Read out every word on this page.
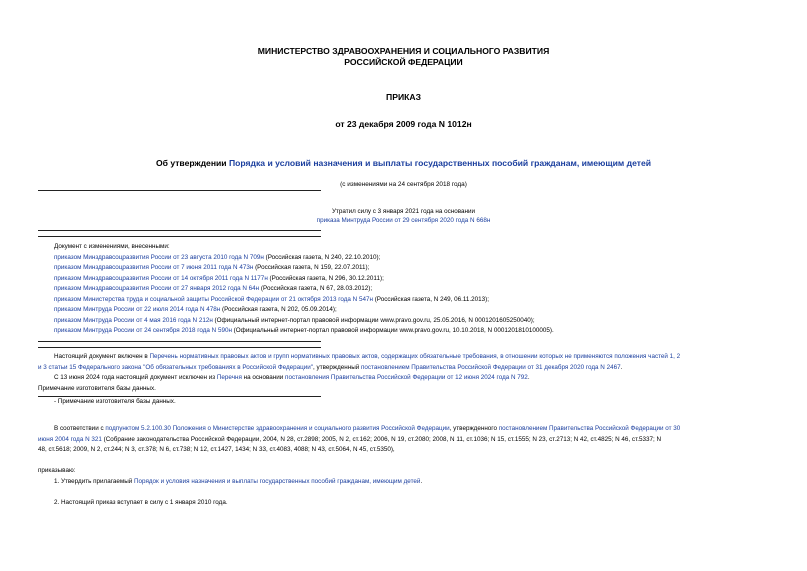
МИНИСТЕРСТВО ЗДРАВООХРАНЕНИЯ И СОЦИАЛЬНОГО РАЗВИТИЯ
РОССИЙСКОЙ ФЕДЕРАЦИИ
ПРИКАЗ
от 23 декабря 2009 года N 1012н
Об утверждении Порядка и условий назначения и выплаты государственных пособий гражданам, имеющим детей
(с изменениями на 24 сентября 2018 года)
Утратил силу с 3 января 2021 года на основании
приказа Минтруда России от 29 сентября 2020 года N 668н
Документ с изменениями, внесенными:
приказом Минздравсоцразвития России от 23 августа 2010 года N 709н (Российская газета, N 240, 22.10.2010);
приказом Минздравсоцразвития России от 7 июня 2011 года N 473н (Российская газета, N 159, 22.07.2011);
приказом Минздравсоцразвития России от 14 октября 2011 года N 1177н (Российская газета, N 296, 30.12.2011);
приказом Минздравсоцразвития России от 27 января 2012 года N 64н (Российская газета, N 67, 28.03.2012);
приказом Министерства труда и социальной защиты Российской Федерации от 21 октября 2013 года N 547н (Российская газета, N 249, 06.11.2013);
приказом Минтруда России от 22 июля 2014 года N 478н (Российская газета, N 202, 05.09.2014);
приказом Минтруда России от 4 мая 2016 года N 212н (Официальный интернет-портал правовой информации www.pravo.gov.ru, 25.05.2016, N 0001201605250040);
приказом Минтруда России от 24 сентября 2018 года N 590н (Официальный интернет-портал правовой информации www.pravo.gov.ru, 10.10.2018, N 0001201810100005).
Настоящий документ включен в Перечень нормативных правовых актов и групп нормативных правовых актов, содержащих обязательные требования, в отношении которых не применяются положения частей 1, 2
и 3 статьи 15 Федерального закона "Об обязательных требованиях в Российской Федерации", утвержденный постановлением Правительства Российской Федерации от 31 декабря 2020 года N 2467.
С 13 июня 2024 года настоящий документ исключен из Перечня на основании постановления Правительства Российской Федерации от 12 июня 2024 года N 792.
Примечание изготовителя базы данных.
- Примечание изготовителя базы данных.
В соответствии с подпунктом 5.2.100.30 Положения о Министерстве здравоохранения и социального развития Российской Федерации, утвержденного постановлением Правительства Российской Федерации от 30
июня 2004 года N 321 (Собрание законодательства Российской Федерации, 2004, N 28, ст.2898; 2005, N 2, ст.162; 2006, N 19, ст.2080; 2008, N 11, ст.1036; N 15, ст.1555; N 23, ст.2713; N 42, ст.4825; N 46, ст.5337; N
48, ст.5618; 2009, N 2, ст.244; N 3, ст.378; N 6, ст.738; N 12, ст.1427, 1434; N 33, ст.4083, 4088; N 43, ст.5064, N 45, ст.5350),
приказываю:
1. Утвердить прилагаемый Порядок и условия назначения и выплаты государственных пособий гражданам, имеющим детей.
2. Настоящий приказ вступает в силу с 1 января 2010 года.
